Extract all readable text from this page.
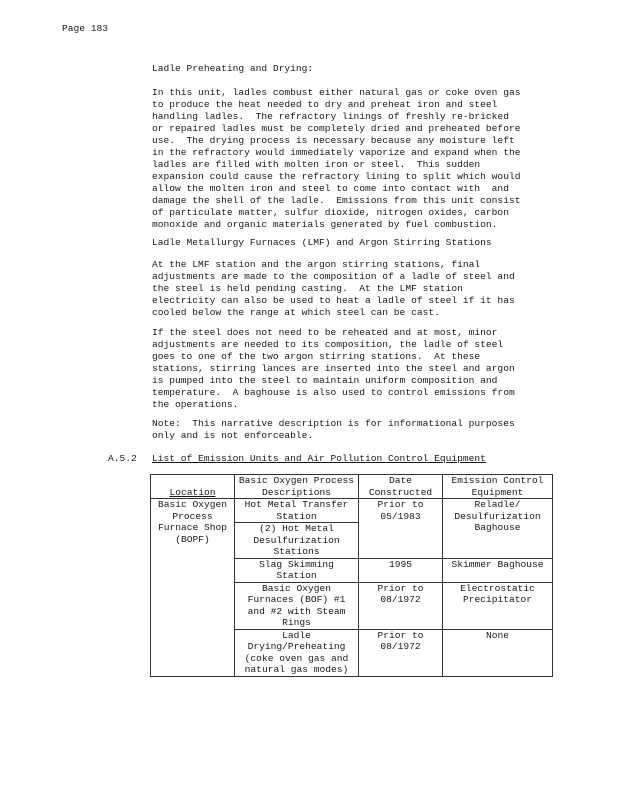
Page 183
Ladle Preheating and Drying:
In this unit, ladles combust either natural gas or coke oven gas
to produce the heat needed to dry and preheat iron and steel
handling ladles.  The refractory linings of freshly re-bricked
or repaired ladles must be completely dried and preheated before
use.  The drying process is necessary because any moisture left
in the refractory would immediately vaporize and expand when the
ladles are filled with molten iron or steel.  This sudden
expansion could cause the refractory lining to split which would
allow the molten iron and steel to come into contact with  and
damage the shell of the ladle.  Emissions from this unit consist
of particulate matter, sulfur dioxide, nitrogen oxides, carbon
monoxide and organic materials generated by fuel combustion.
Ladle Metallurgy Furnaces (LMF) and Argon Stirring Stations
At the LMF station and the argon stirring stations, final
adjustments are made to the composition of a ladle of steel and
the steel is held pending casting.  At the LMF station
electricity can also be used to heat a ladle of steel if it has
cooled below the range at which steel can be cast.
If the steel does not need to be reheated and at most, minor
adjustments are needed to its composition, the ladle of steel
goes to one of the two argon stirring stations.  At these
stations, stirring lances are inserted into the steel and argon
is pumped into the steel to maintain uniform composition and
temperature.  A baghouse is also used to control emissions from
the operations.
Note:  This narrative description is for informational purposes
only and is not enforceable.
A.5.2 List of Emission Units and Air Pollution Control Equipment
Location	Basic Oxygen Process Descriptions	Date Constructed	Emission Control Equipment
Basic Oxygen Process Furnace Shop (BOPF)	Hot Metal Transfer Station	Prior to 05/1983	Reladle/ Desulfurization Baghouse
	(2) Hot Metal Desulfurization Stations		
	Slag Skimming Station	1995	Skimmer Baghouse
	Basic Oxygen Furnaces (BOF) #1 and #2 with Steam Rings	Prior to 08/1972	Electrostatic Precipitator
	Ladle Drying/Preheating (coke oven gas and natural gas modes)	Prior to 08/1972	None
